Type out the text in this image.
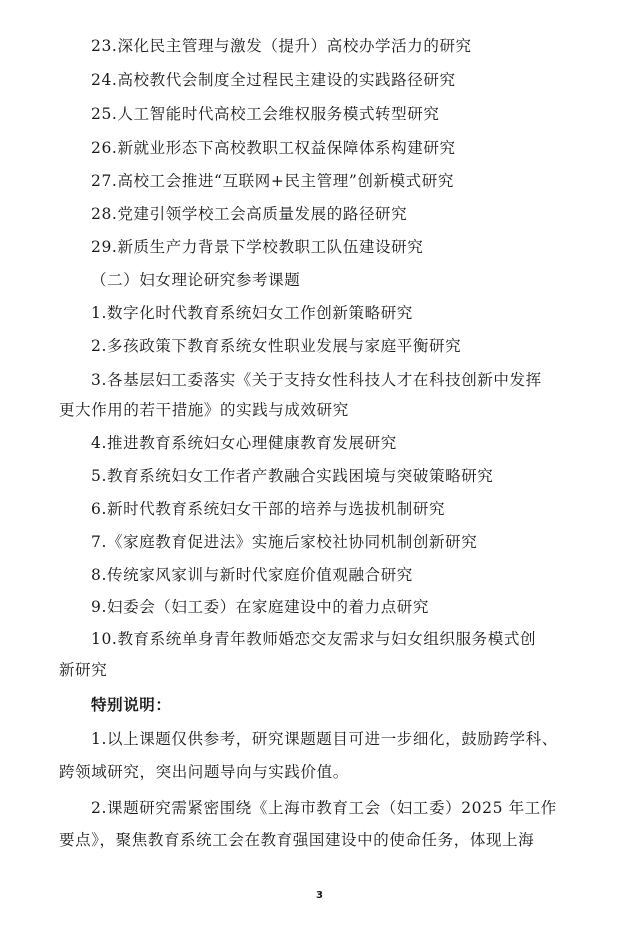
23.深化民主管理与激发（提升）高校办学活力的研究
24.高校教代会制度全过程民主建设的实践路径研究
25.人工智能时代高校工会维权服务模式转型研究
26.新就业形态下高校教职工权益保障体系构建研究
27.高校工会推进“互联网+民主管理”创新模式研究
28.党建引领学校工会高质量发展的路径研究
29.新质生产力背景下学校教职工队伍建设研究
（二）妇女理论研究参考课题
1.数字化时代教育系统妇女工作创新策略研究
2.多孩政策下教育系统女性职业发展与家庭平衡研究
3.各基层妇工委落实《关于支持女性科技人才在科技创新中发挥
更大作用的若干措施》的实践与成效研究
4.推进教育系统妇女心理健康教育发展研究
5.教育系统妇女工作者产教融合实践困境与突破策略研究
6.新时代教育系统妇女干部的培养与选拔机制研究
7.《家庭教育促进法》实施后家校社协同机制创新研究
8.传统家风家训与新时代家庭价值观融合研究
9.妇委会（妇工委）在家庭建设中的着力点研究
10.教育系统单身青年教师婚恋交友需求与妇女组织服务模式创
新研究
特别说明：
1.以上课题仅供参考，研究课题题目可进一步细化，鼓励跨学科、
跨领域研究，突出问题导向与实践价值。
2.课题研究需紧密围绕《上海市教育工会（妇工委）2025 年工作
要点》，聚焦教育系统工会在教育强国建设中的使命任务，体现上海
3
